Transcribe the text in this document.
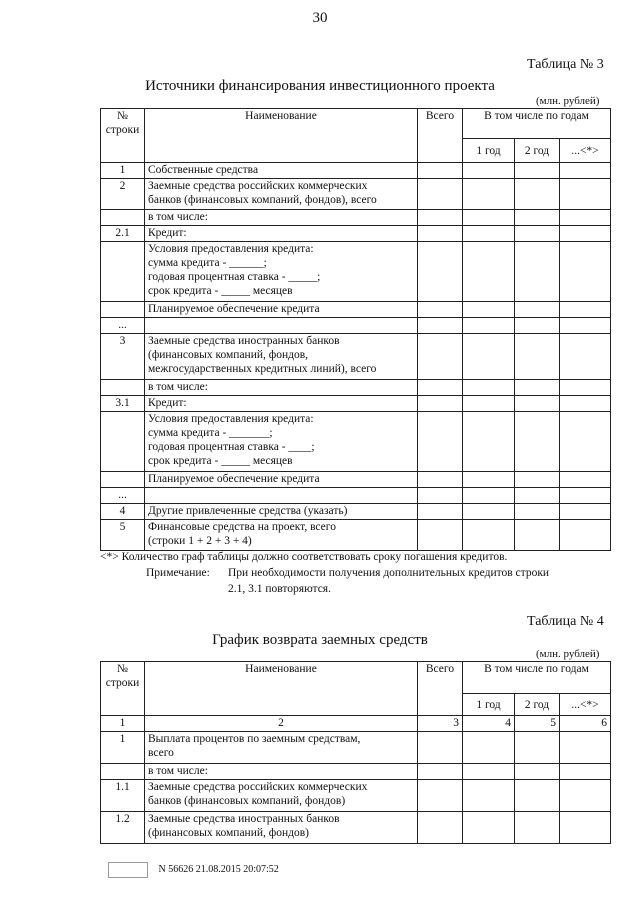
30
Таблица № 3
Источники финансирования инвестиционного проекта
(млн. рублей)
№ строки	Наименование	Всего	В том числе по годам		

			1 год	2 год	...<*>
1	Собственные средства				

2	Заемные средства российских коммерческих
банков (финансовых компаний, фондов), всего				

	в том числе:				

2.1	Кредит:				

	Условия предоставления кредита:
сумма кредита - ______;
годовая процентная ставка - _____;
срок кредита - _____ месяцев				

	Планируемое обеспечение кредита				

...	

3	Заемные средства иностранных банков
(финансовых компаний, фондов,
межгосударственных кредитных линий), всего				

	в том числе:				

3.1	Кредит:				

	Условия предоставления кредита:
сумма кредита - _______;
годовая процентная ставка - ____;
срок кредита - _____ месяцев				

	Планируемое обеспечение кредита				

...	

4	Другие привлеченные средства (указать)				

5	Финансовые средства на проект, всего
(строки 1 + 2 + 3 + 4)				

<*> Количество граф таблицы должно соответствовать сроку погашения кредитов.
Примечание: При необходимости получения дополнительных кредитов строки
2.1, 3.1 повторяются.
Таблица № 4
График возврата заемных средств
(млн. рублей)
№ строки	Наименование	Всего	В том числе по годам		

			1 год	2 год	...<*>
1	2	3	4	5	6
1	Выплата процентов по заемным средствам,
всего				

	в том числе:				

1.1	Заемные средства российских коммерческих
банков (финансовых компаний, фондов)				

1.2	Заемные средства иностранных банков
(финансовых компаний, фондов)				

N 56626 21.08.2015 20:07:52
